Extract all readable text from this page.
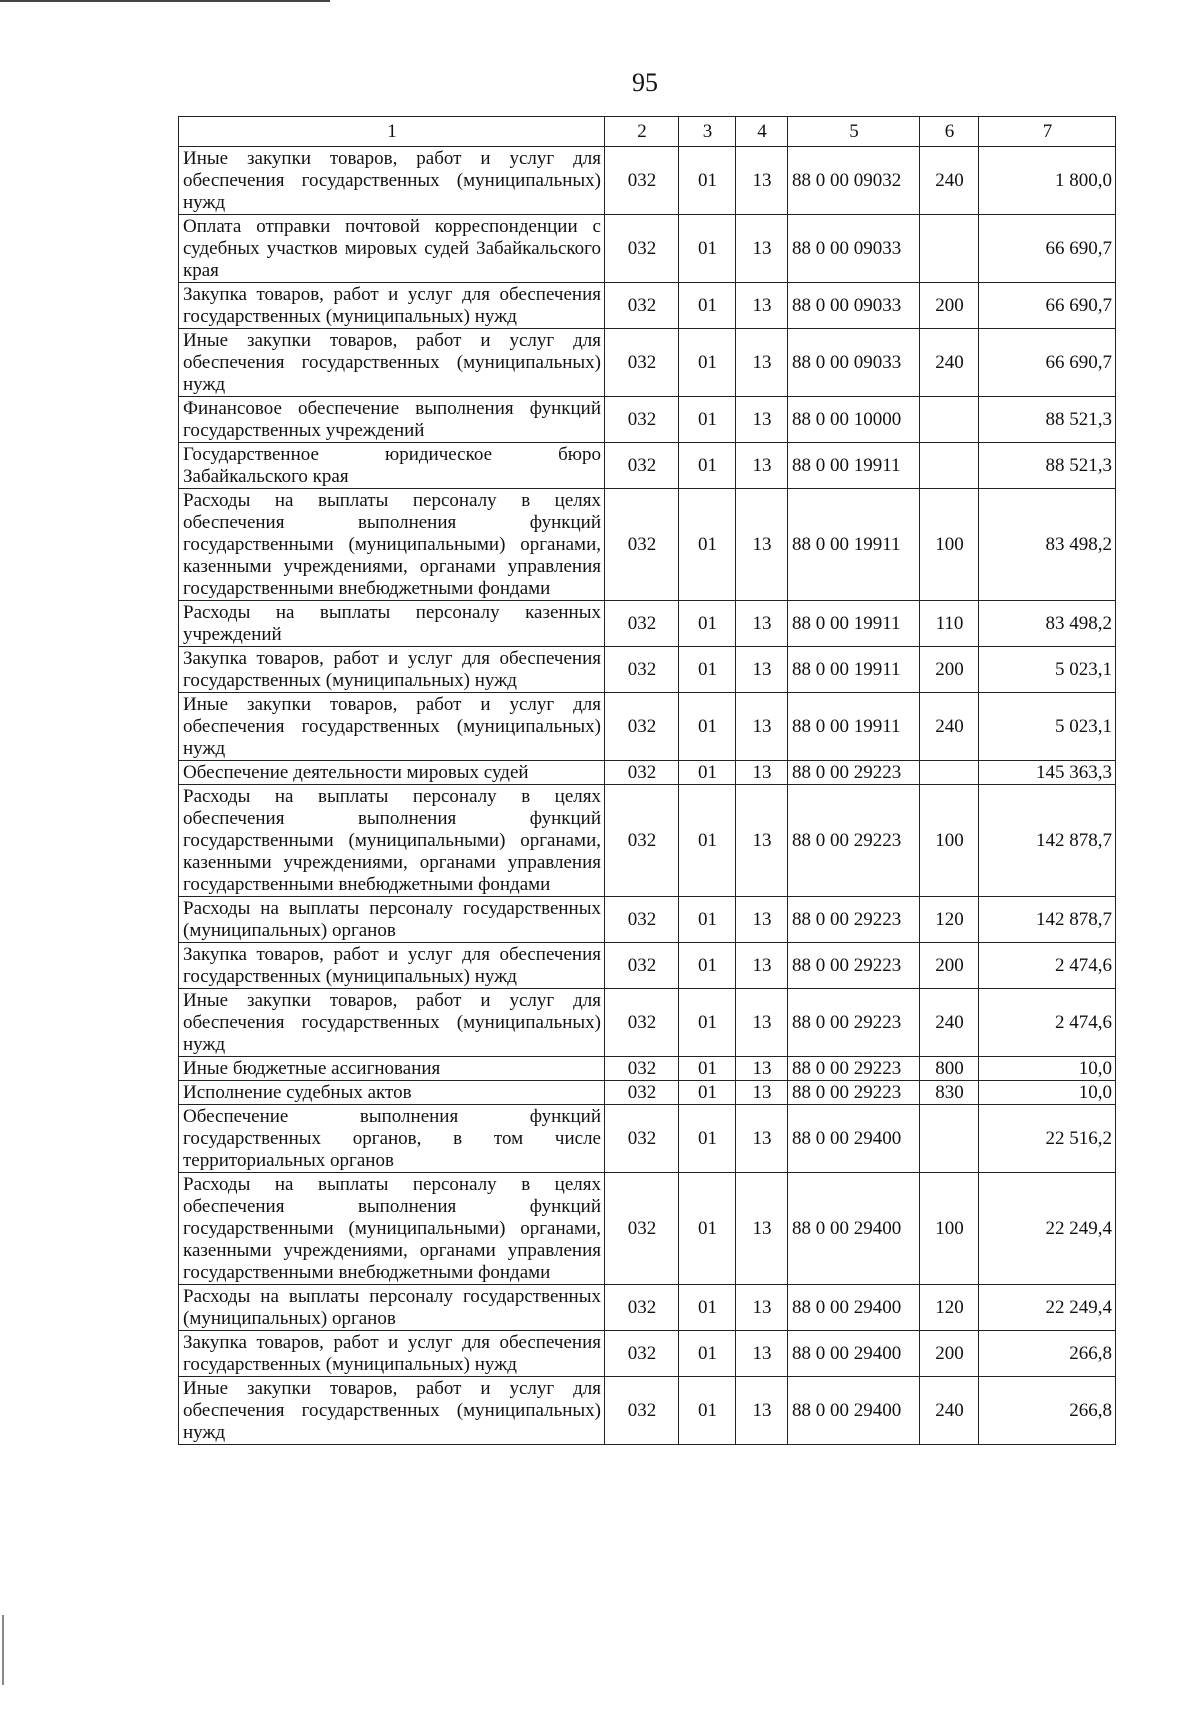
95
1	2	3	4	5	6	7
Иные закупки товаров, работ и услуг для обеспечения государственных (муниципальных) нужд	032	01	13	88 0 00 09032	240	1 800,0
Оплата отправки почтовой корреспонденции с судебных участков мировых судей Забайкальского края	032	01	13	88 0 00 09033		66 690,7
Закупка товаров, работ и услуг для обеспечения государственных (муниципальных) нужд	032	01	13	88 0 00 09033	200	66 690,7
Иные закупки товаров, работ и услуг для обеспечения государственных (муниципальных) нужд	032	01	13	88 0 00 09033	240	66 690,7
Финансовое обеспечение выполнения функций государственных учреждений	032	01	13	88 0 00 10000		88 521,3
Государственное юридическое бюро Забайкальского края	032	01	13	88 0 00 19911		88 521,3
Расходы на выплаты персоналу в целях обеспечения выполнения функций государственными (муниципальными) органами, казенными учреждениями, органами управления государственными внебюджетными фондами	032	01	13	88 0 00 19911	100	83 498,2
Расходы на выплаты персоналу казенных учреждений	032	01	13	88 0 00 19911	110	83 498,2
Закупка товаров, работ и услуг для обеспечения государственных (муниципальных) нужд	032	01	13	88 0 00 19911	200	5 023,1
Иные закупки товаров, работ и услуг для обеспечения государственных (муниципальных) нужд	032	01	13	88 0 00 19911	240	5 023,1
Обеспечение деятельности мировых судей	032	01	13	88 0 00 29223		145 363,3
Расходы на выплаты персоналу в целях обеспечения выполнения функций государственными (муниципальными) органами, казенными учреждениями, органами управления государственными внебюджетными фондами	032	01	13	88 0 00 29223	100	142 878,7
Расходы на выплаты персоналу государственных (муниципальных) органов	032	01	13	88 0 00 29223	120	142 878,7
Закупка товаров, работ и услуг для обеспечения государственных (муниципальных) нужд	032	01	13	88 0 00 29223	200	2 474,6
Иные закупки товаров, работ и услуг для обеспечения государственных (муниципальных) нужд	032	01	13	88 0 00 29223	240	2 474,6
Иные бюджетные ассигнования	032	01	13	88 0 00 29223	800	10,0
Исполнение судебных актов	032	01	13	88 0 00 29223	830	10,0
Обеспечение выполнения функций государственных органов, в том числе территориальных органов	032	01	13	88 0 00 29400		22 516,2
Расходы на выплаты персоналу в целях обеспечения выполнения функций государственными (муниципальными) органами, казенными учреждениями, органами управления государственными внебюджетными фондами	032	01	13	88 0 00 29400	100	22 249,4
Расходы на выплаты персоналу государственных (муниципальных) органов	032	01	13	88 0 00 29400	120	22 249,4
Закупка товаров, работ и услуг для обеспечения государственных (муниципальных) нужд	032	01	13	88 0 00 29400	200	266,8
Иные закупки товаров, работ и услуг для обеспечения государственных (муниципальных) нужд	032	01	13	88 0 00 29400	240	266,8
